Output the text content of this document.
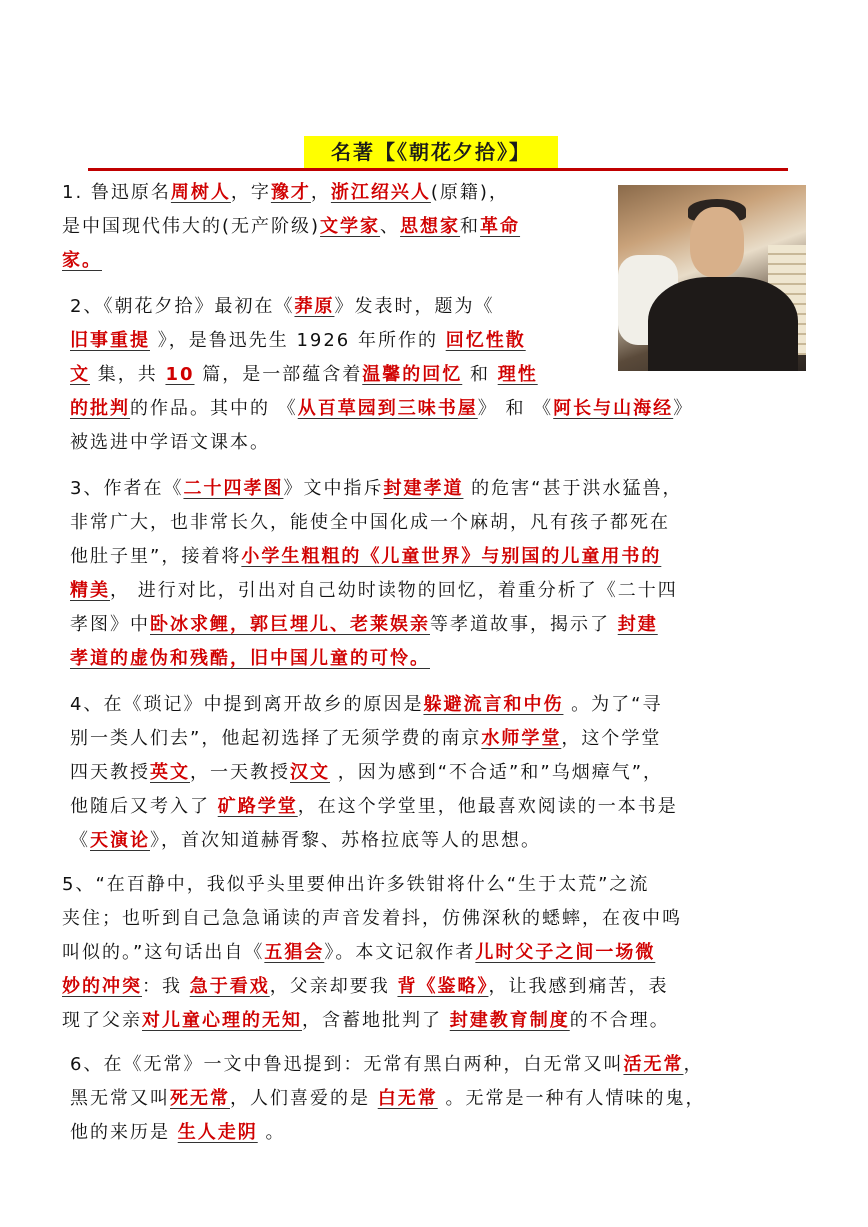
名著【《朝花夕拾》】
1. 鲁迅原名周树人，字豫才，浙江绍兴人(原籍)，
是中国现代伟大的(无产阶级)文学家、思想家和革命
家。
2、《朝花夕拾》最初在《莽原》发表时，题为《
旧事重提 》，是鲁迅先生 1926 年所作的 回忆性散
文 集，共 10 篇，是一部蕴含着温馨的回忆 和 理性
的批判的作品。其中的 《从百草园到三味书屋》 和 《阿长与山海经》
被选进中学语文课本。
3、作者在《二十四孝图》文中指斥封建孝道 的危害“甚于洪水猛兽，
非常广大，也非常长久，能使全中国化成一个麻胡，凡有孩子都死在
他肚子里”，接着将小学生粗粗的《儿童世界》与别国的儿童用书的
精美， 进行对比，引出对自己幼时读物的回忆，着重分析了《二十四
孝图》中卧冰求鲤，郭巨埋儿、老莱娱亲等孝道故事，揭示了 封建
孝道的虚伪和残酷，旧中国儿童的可怜。
4、在《琐记》中提到离开故乡的原因是躲避流言和中伤 。为了“寻
别一类人们去”，他起初选择了无须学费的南京水师学堂，这个学堂
四天教授英文，一天教授汉文 ，因为感到“不合适”和”乌烟瘴气”，
他随后又考入了 矿路学堂，在这个学堂里，他最喜欢阅读的一本书是
《天演论》，首次知道赫胥黎、苏格拉底等人的思想。
5、“在百静中，我似乎头里要伸出许多铁钳将什么“生于太荒”之流
夹住；也听到自己急急诵读的声音发着抖，仿佛深秋的蟋蟀，在夜中鸣
叫似的。”这句话出自《五猖会》。本文记叙作者儿时父子之间一场微
妙的冲突：我 急于看戏，父亲却要我 背《鉴略》，让我感到痛苦，表
现了父亲对儿童心理的无知，含蓄地批判了 封建教育制度的不合理。
6、在《无常》一文中鲁迅提到：无常有黑白两种，白无常又叫活无常，
黑无常又叫死无常，人们喜爱的是 白无常 。无常是一种有人情味的鬼，
他的来历是 生人走阴 。
